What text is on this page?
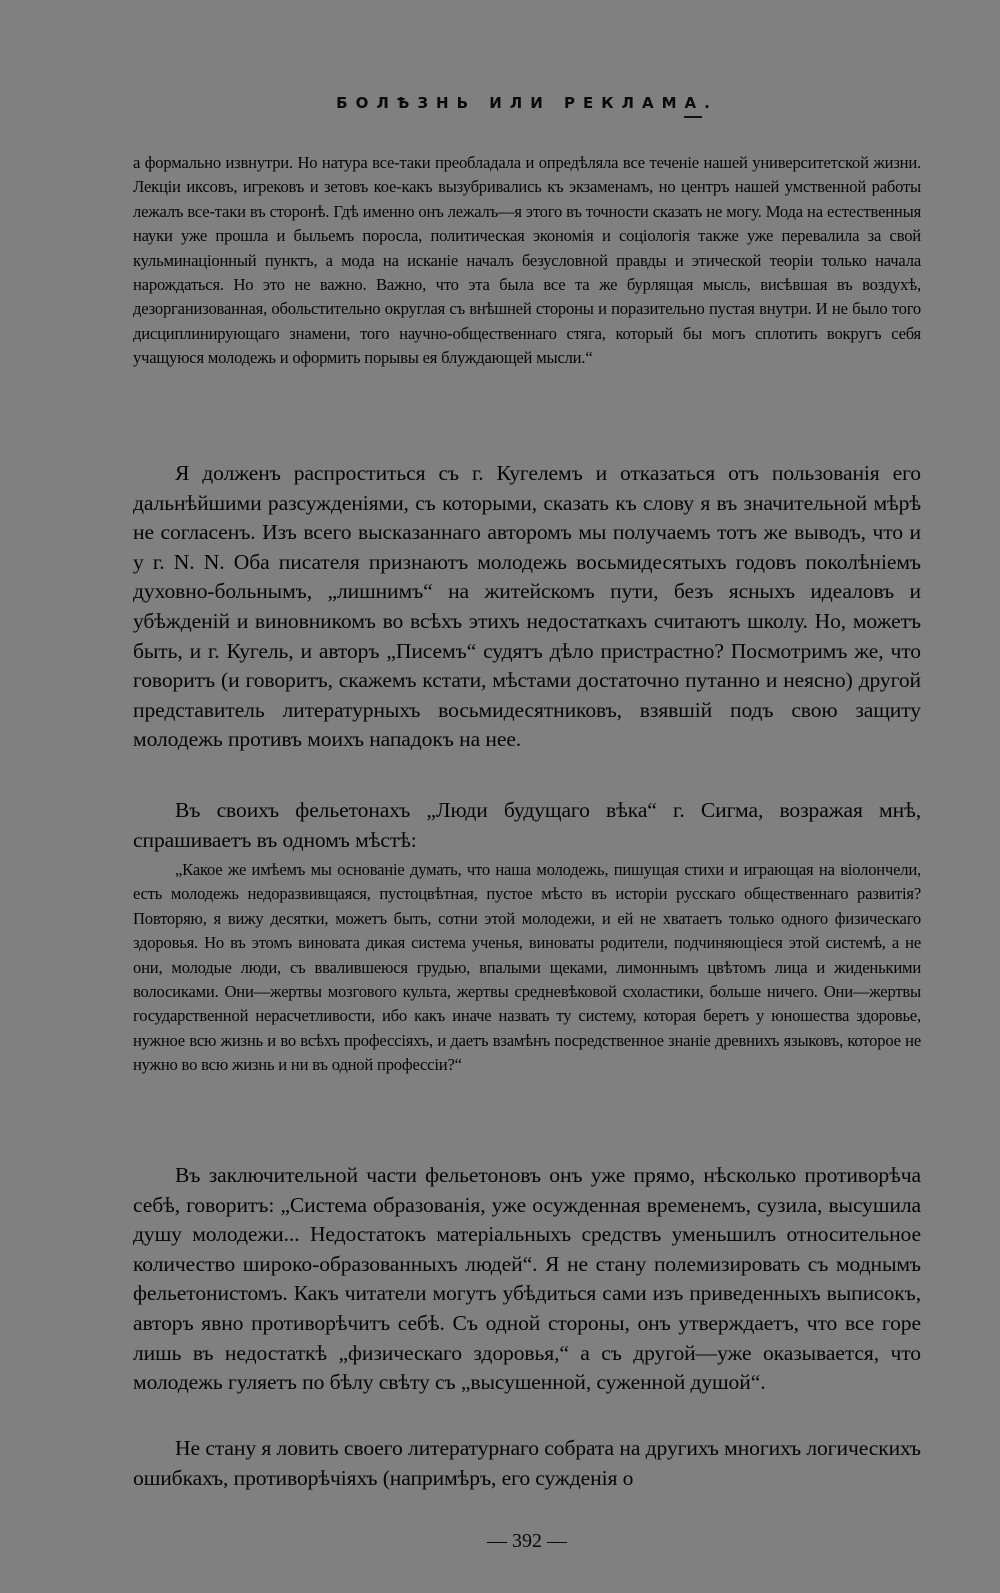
БОЛѢЗНЬ ИЛИ РЕКЛАМА.

а формально извнутри. Но натура все-таки преобладала и опредѣляла все теченіе нашей университетской жизни. Лекціи иксовъ, игрековъ и зетовъ кое-какъ вызубривались къ экзаменамъ, но центръ нашей умственной работы лежалъ все-таки въ сторонѣ. Гдѣ именно онъ лежалъ—я этого въ точности сказать не могу. Мода на естественныя науки уже прошла и быльемъ поросла, политическая экономія и соціологія также уже перевалила за свой кульминаціонный пунктъ, а мода на исканіе началъ безусловной правды и этической теоріи только начала нарождаться. Но это не важно. Важно, что эта была все та же бурлящая мысль, висѣвшая въ воздухѣ, дезорганизованная, обольстительно округлая съ внѣшней стороны и поразительно пустая внутри. И не было того дисциплинирующаго знамени, того научно-общественнаго стяга, который бы могъ сплотить вокругъ себя учащуюся молодежь и оформить порывы ея блуждающей мысли.“

Я долженъ распроститься съ г. Кугелемъ и отказаться отъ пользованія его дальнѣйшими разсужденіями, съ которыми, сказать къ слову я въ значительной мѣрѣ не согласенъ. Изъ всего высказаннаго авторомъ мы получаемъ тотъ же выводъ, что и у г. N. N. Оба писателя признаютъ молодежь восьмидесятыхъ годовъ поколѣніемъ духовно-больнымъ, „лишнимъ“ на житейскомъ пути, безъ ясныхъ идеаловъ и убѣжденій и виновникомъ во всѣхъ этихъ недостаткахъ считаютъ школу. Но, можетъ быть, и г. Кугель, и авторъ „Писемъ“ судятъ дѣло пристрастно? Посмотримъ же, что говоритъ (и говоритъ, скажемъ кстати, мѣстами достаточно путанно и неясно) другой представитель литературныхъ восьмидесятниковъ, взявшій подъ свою защиту молодежь противъ моихъ нападокъ на нее.

Въ своихъ фельетонахъ „Люди будущаго вѣка“ г. Сигма, возражая мнѣ, спрашиваетъ въ одномъ мѣстѣ:

„Какое же имѣемъ мы основаніе думать, что наша молодежь, пишущая стихи и играющая на віолончели, есть молодежь недоразвивщаяся, пустоцвѣтная, пустое мѣсто въ исторіи русскаго общественнаго развитія? Повторяю, я вижу десятки, можетъ быть, сотни этой молодежи, и ей не хватаетъ только одного физическаго здоровья. Но въ этомъ виновата дикая система ученья, виноваты родители, подчиняющіеся этой системѣ, а не они, молодые люди, съ ввалившеюся грудью, впалыми щеками, лимоннымъ цвѣтомъ лица и жиденькими волосиками. Они—жертвы мозгового культа, жертвы средневѣковой схоластики, больше ничего. Они—жертвы государственной нерасчетливости, ибо какъ иначе назвать ту систему, которая беретъ у юношества здоровье, нужное всю жизнь и во всѣхъ профессіяхъ, и даетъ взамѣнъ посредственное знаніе древнихъ языковъ, которое не нужно во всю жизнь и ни въ одной профессіи?“

Въ заключительной части фельетоновъ онъ уже прямо, нѣсколько противорѣча себѣ, говоритъ: „Система образованія, уже осужденная временемъ, сузила, высушила душу молодежи... Недостатокъ матеріальныхъ средствъ уменьшилъ относительное количество широко-образованныхъ людей“. Я не стану полемизировать съ моднымъ фельетонистомъ. Какъ читатели могутъ убѣдиться сами изъ приведенныхъ выписокъ, авторъ явно противорѣчитъ себѣ. Съ одной стороны, онъ утверждаетъ, что все горе лишь въ недостаткѣ „физическаго здоровья,“ а съ другой—уже оказывается, что молодежь гуляетъ по бѣлу свѣту съ „высушенной, суженной душой“.

Не стану я ловить своего литературнаго собрата на другихъ многихъ логическихъ ошибкахъ, противорѣчіяхъ (напримѣръ, его сужденія о

— 392 —
